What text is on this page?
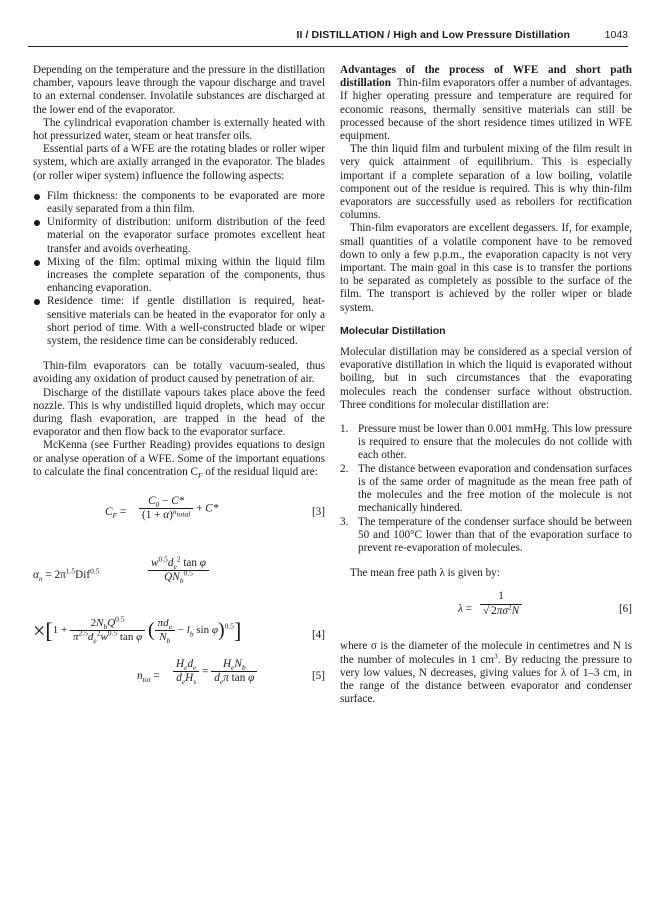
II / DISTILLATION / High and Low Pressure Distillation	1043

Depending on the temperature and the pressure in the distillation chamber, vapours leave through the vapour discharge and travel to an external condenser. Involatile substances are discharged at the lower end of the evaporator.

The cylindrical evaporation chamber is externally heated with hot pressurized water, steam or heat transfer oils.

Essential parts of a WFE are the rotating blades or roller wiper system, which are axially arranged in the evaporator. The blades (or roller wiper system) influence the following aspects:

Film thickness: the components to be evaporated are more easily separated from a thin film.
Uniformity of distribution: uniform distribution of the feed material on the evaporator surface promotes excellent heat transfer and avoids overheating.
Mixing of the film: optimal mixing within the liquid film increases the complete separation of the components, thus enhancing evaporation.
Residence time: if gentle distillation is required, heat-sensitive materials can be heated in the evaporator for only a short period of time. With a well-constructed blade or wiper system, the residence time can be considerably reduced.

Thin-film evaporators can be totally vacuum-sealed, thus avoiding any oxidation of product caused by penetration of air.

Discharge of the distillate vapours takes place above the feed nozzle. This is why undistilled liquid droplets, which may occur during flash evaporation, are trapped in the head of the evaporator and then flow back to the evaporator surface.

McKenna (see Further Reading) provides equations to design or analyse operation of a WFE. Some of the important equations to calculate the final concentration $C_F$ of the residual liquid are:

$C_F = \frac{C_0 - C*}{(1 + \alpha)^{n_{total}}} + C*$	[3]
$\alpha_n = 2\pi^{1.5}Dif^{0.5}$	$\frac{w^{0.5}d_e^2 \tan \varphi}{QN_b^{0.5}}$
$\times[1 + \frac{2N_bQ^{0.5}}{\pi^{2.5}d_e^2w^{0.5} \tan \varphi}$ ( $\frac{\pi d_e}{N_b} - l_b$ sin φ)$^{0.5}$]	[4]
$n_{tot} = \frac{H_ed_e}{d_eH_s} = \frac{H_eN_b}{d_e\pi \tan \varphi}$	[5]

Advantages of the process of WFE and short path distillation Thin-film evaporators offer a number of advantages. If higher operating pressure and temperature are required for economic reasons, thermally sensitive materials can still be processed because of the short residence times utilized in WFE equipment.

The thin liquid film and turbulent mixing of the film result in very quick attainment of equilibrium. This is especially important if a complete separation of a low boiling, volatile component out of the residue is required. This is why thin-film evaporators are successfully used as reboilers for rectification columns.

Thin-film evaporators are excellent degassers. If, for example, small quantities of a volatile component have to be removed down to only a few p.p.m., the evaporation capacity is not very important. The main goal in this case is to transfer the portions to be separated as completely as possible to the surface of the film. The transport is achieved by the roller wiper or blade system.

Molecular Distillation

Molecular distillation may be considered as a special version of evaporative distillation in which the liquid is evaporated without boiling, but in such circumstances that the evaporating molecules reach the condenser surface without obstruction. Three conditions for molecular distillation are:

1. Pressure must be lower than 0.001 mmHg. This low pressure is required to ensure that the molecules do not collide with each other.
2. The distance between evaporation and condensation surfaces is of the same order of magnitude as the mean free path of the molecules and the free motion of the molecule is not mechanically hindered.
3. The temperature of the condenser surface should be between 50 and 100°C lower than that of the evaporation surface to prevent re-evaporation of molecules.

The mean free path λ is given by:

$\lambda = \frac{1}{√ 2\pi\sigma^2N}$	[6]

where σ is the diameter of the molecule in centimetres and N is the number of molecules in 1 $cm^3$. By reducing the pressure to very low values, N decreases, giving values for λ of 1–3 cm, in the range of the distance between evaporator and condenser surface.
